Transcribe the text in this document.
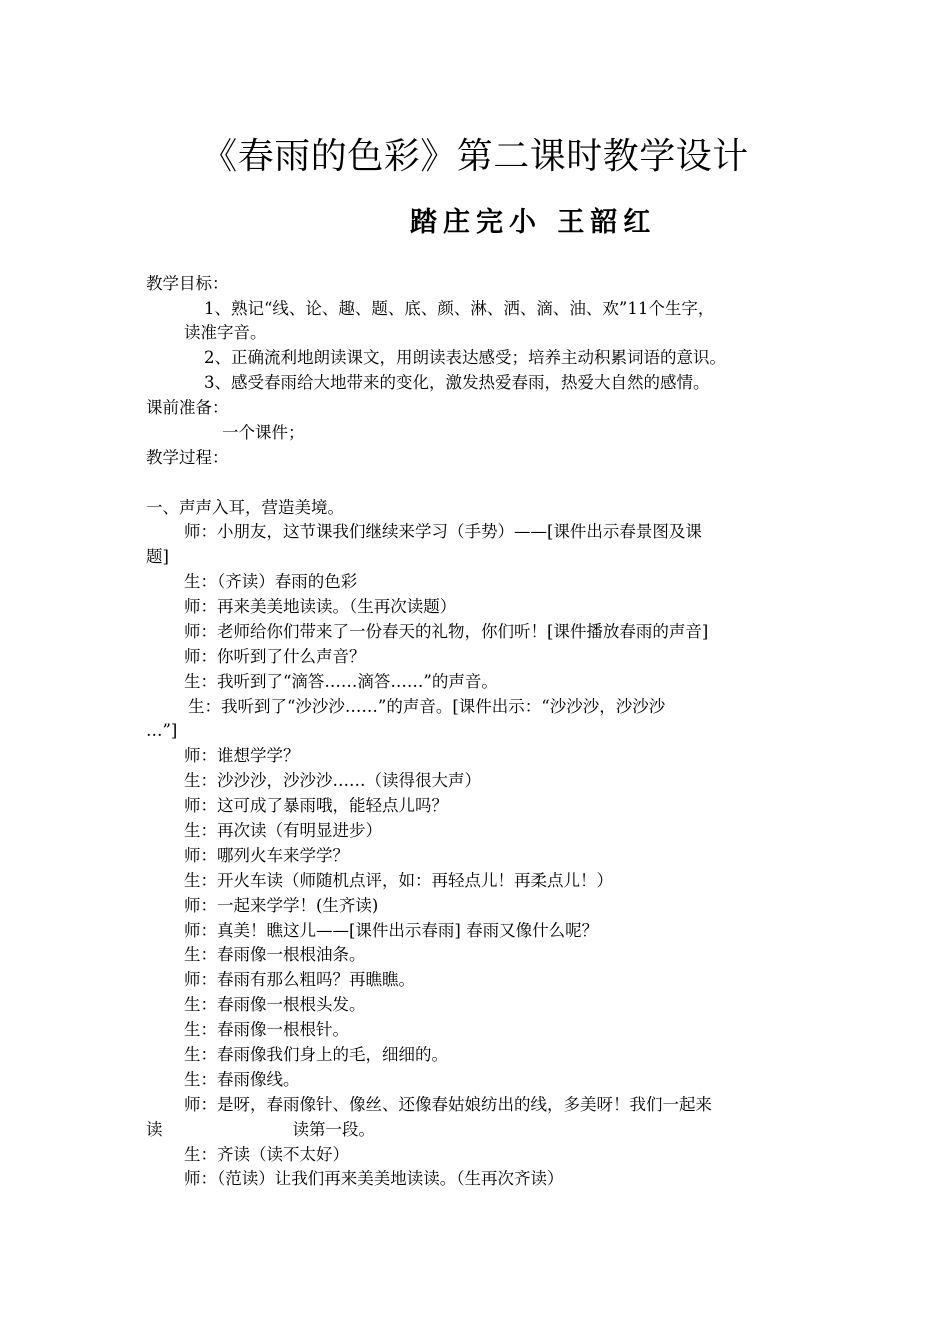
《春雨的色彩》第二课时教学设计
踏庄完小 王韶红
教学目标：
1、熟记“线、论、趣、题、底、颜、淋、洒、滴、油、欢”11个生字，
读准字音。
2、正确流利地朗读课文，用朗读表达感受；培养主动积累词语的意识。
3、感受春雨给大地带来的变化，激发热爱春雨，热爱大自然的感情。
课前准备：
一个课件；
教学过程：
一、声声入耳，营造美境。
师：小朋友，这节课我们继续来学习（手势）——[课件出示春景图及课
题]
生：（齐读）春雨的色彩
师：再来美美地读读。（生再次读题）
师：老师给你们带来了一份春天的礼物，你们听！[课件播放春雨的声音]
师：你听到了什么声音？
生：我听到了“滴答……滴答……”的声音。
生：我听到了“沙沙沙……”的声音。[课件出示：“沙沙沙，沙沙沙
…”]
师：谁想学学？
生：沙沙沙，沙沙沙……（读得很大声）
师：这可成了暴雨哦，能轻点儿吗？
生：再次读（有明显进步）
师：哪列火车来学学？
生：开火车读（师随机点评，如：再轻点儿！再柔点儿！）
师：一起来学学！(生齐读)
师：真美！瞧这儿——[课件出示春雨] 春雨又像什么呢？
生：春雨像一根根油条。
师：春雨有那么粗吗？再瞧瞧。
生：春雨像一根根头发。
生：春雨像一根根针。
生：春雨像我们身上的毛，细细的。
生：春雨像线。
师：是呀，春雨像针、像丝、还像春姑娘纺出的线，多美呀！我们一起来
读	读第一段。
生：齐读（读不太好）
师：（范读）让我们再来美美地读读。（生再次齐读）
